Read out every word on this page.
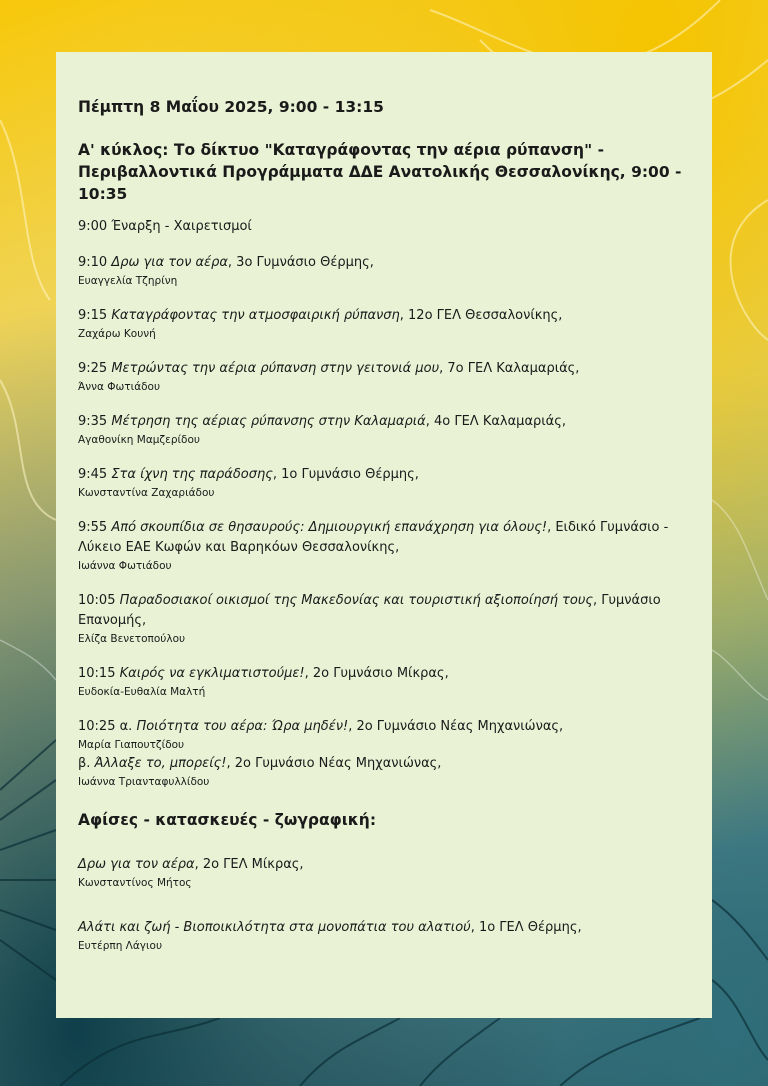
Πέμπτη 8 Μαΐου 2025, 9:00 - 13:15
Α' κύκλος: Το δίκτυο "Καταγράφοντας την αέρια ρύπανση" - Περιβαλλοντικά Προγράμματα ΔΔΕ Ανατολικής Θεσσαλονίκης, 9:00 - 10:35
9:00 Έναρξη - Χαιρετισμοί
9:10 Δρω για τον αέρα, 3ο Γυμνάσιο Θέρμης,
Ευαγγελία Τζηρίνη
9:15 Καταγράφοντας την ατμοσφαιρική ρύπανση, 12ο ΓΕΛ Θεσσαλονίκης,
Ζαχάρω Κουνή
9:25 Μετρώντας την αέρια ρύπανση στην γειτονιά μου, 7ο ΓΕΛ Καλαμαριάς,
Άννα Φωτιάδου
9:35 Μέτρηση της αέριας ρύπανσης στην Καλαμαριά, 4ο ΓΕΛ Καλαμαριάς,
Αγαθονίκη Μαμζερίδου
9:45 Στα ίχνη της παράδοσης, 1ο Γυμνάσιο Θέρμης,
Κωνσταντίνα Ζαχαριάδου
9:55 Από σκουπίδια σε θησαυρούς: Δημιουργική επανάχρηση για όλους!, Ειδικό Γυμνάσιο - Λύκειο ΕΑΕ Κωφών και Βαρηκόων Θεσσαλονίκης,
Ιωάννα Φωτιάδου
10:05 Παραδοσιακοί οικισμοί της Μακεδονίας και τουριστική αξιοποίησή τους, Γυμνάσιο Επανομής,
Ελίζα Βενετοπούλου
10:15 Καιρός να εγκλιματιστούμε!, 2ο Γυμνάσιο Μίκρας,
Ευδοκία-Ευθαλία Μαλτή
10:25 α. Ποιότητα του αέρα: Ώρα μηδέν!, 2ο Γυμνάσιο Νέας Μηχανιώνας,
Μαρία Γιαπουτζίδου
β. Άλλαξε το, μπορείς!, 2ο Γυμνάσιο Νέας Μηχανιώνας,
Ιωάννα Τριανταφυλλίδου
Αφίσες - κατασκευές - ζωγραφική:
Δρω για τον αέρα, 2ο ΓΕΛ Μίκρας,
Κωνσταντίνος Μήτος
Αλάτι και ζωή - Βιοποικιλότητα στα μονοπάτια του αλατιού, 1ο ΓΕΛ Θέρμης,
Ευτέρπη Λάγιου
